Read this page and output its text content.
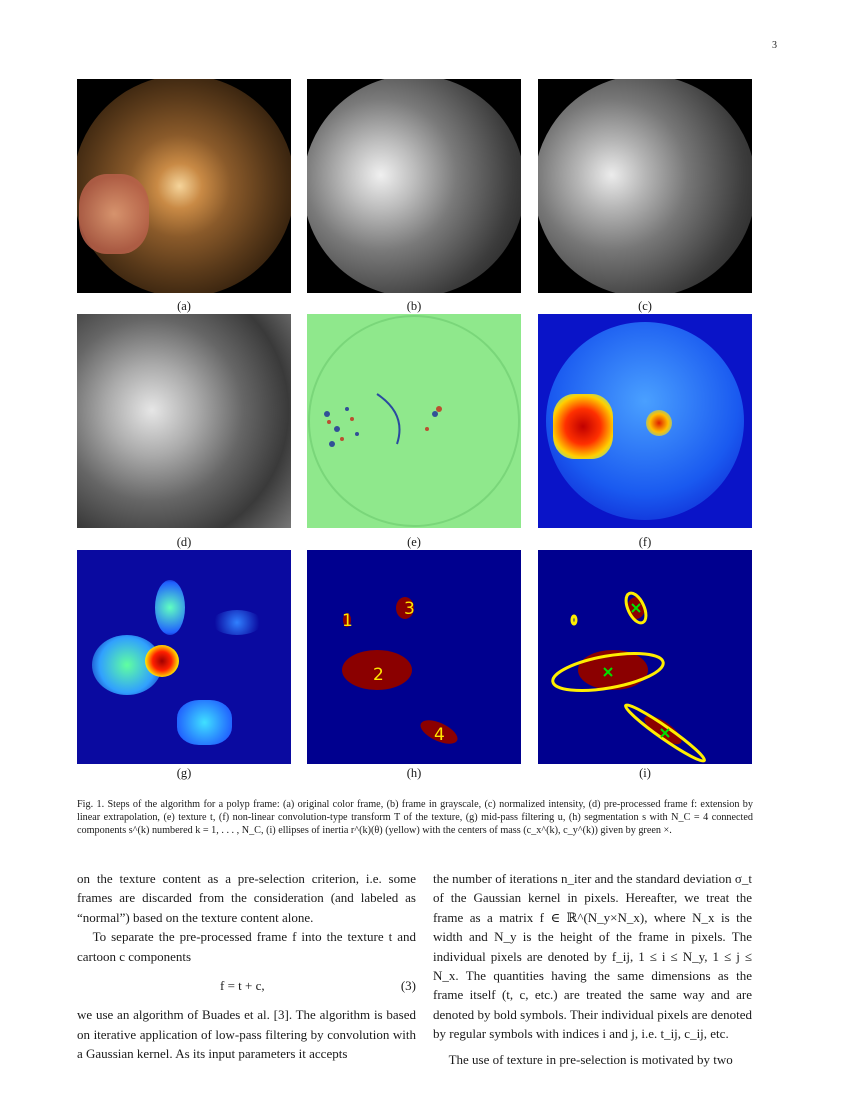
3
(a)	(b)	(c)
(d)	(e)	(f)
1
2
3
4
(g)	(h)	(i)
Fig. 1. Steps of the algorithm for a polyp frame: (a) original color frame, (b) frame in grayscale, (c) normalized intensity, (d) pre-processed frame f: extension by linear extrapolation, (e) texture t, (f) non-linear convolution-type transform T of the texture, (g) mid-pass filtering u, (h) segmentation s with N_C = 4 connected components s^(k) numbered k = 1, . . . , N_C, (i) ellipses of inertia r^(k)(θ) (yellow) with the centers of mass (c_x^(k), c_y^(k)) given by green ×.

on the texture content as a pre-selection criterion, i.e. some frames are discarded from the consideration (and labeled as “normal”) based on the texture content alone.

To separate the pre-processed frame f into the texture t and cartoon c components

f = t + c,	(3)

we use an algorithm of Buades et al. [3]. The algorithm is based on iterative application of low-pass filtering by convolution with a Gaussian kernel. As its input parameters it accepts

the number of iterations n_iter and the standard deviation σ_t of the Gaussian kernel in pixels. Hereafter, we treat the frame as a matrix f ∈ ℝ^(N_y×N_x), where N_x is the width and N_y is the height of the frame in pixels. The individual pixels are denoted by f_ij, 1 ≤ i ≤ N_y, 1 ≤ j ≤ N_x. The quantities having the same dimensions as the frame itself (t, c, etc.) are treated the same way and are denoted by bold symbols. Their individual pixels are denoted by regular symbols with indices i and j, i.e. t_ij, c_ij, etc.

The use of texture in pre-selection is motivated by two
